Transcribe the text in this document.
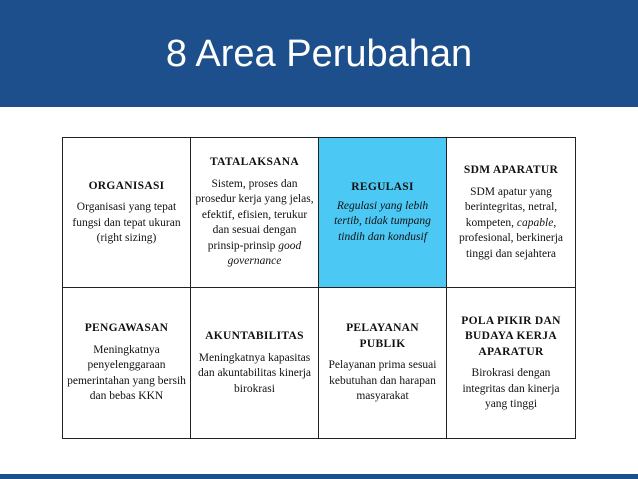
8 Area Perubahan
ORGANISASI
Organisasi yang tepat fungsi dan tepat ukuran (right sizing)
TATALAKSANA
Sistem, proses dan prosedur kerja yang jelas, efektif, efisien, terukur dan sesuai dengan prinsip-prinsip good governance
REGULASI
Regulasi yang lebih tertib, tidak tumpang tindih dan kondusif
SDM APARATUR
SDM apatur yang berintegritas, netral, kompeten, capable, profesional, berkinerja tinggi dan sejahtera
PENGAWASAN
Meningkatnya penyelenggaraan pemerintahan yang bersih dan bebas KKN
AKUNTABILITAS
Meningkatnya kapasitas dan akuntabilitas kinerja birokrasi
PELAYANAN PUBLIK
Pelayanan prima sesuai kebutuhan dan harapan masyarakat
POLA PIKIR DAN BUDAYA KERJA APARATUR
Birokrasi dengan integritas dan kinerja yang tinggi
